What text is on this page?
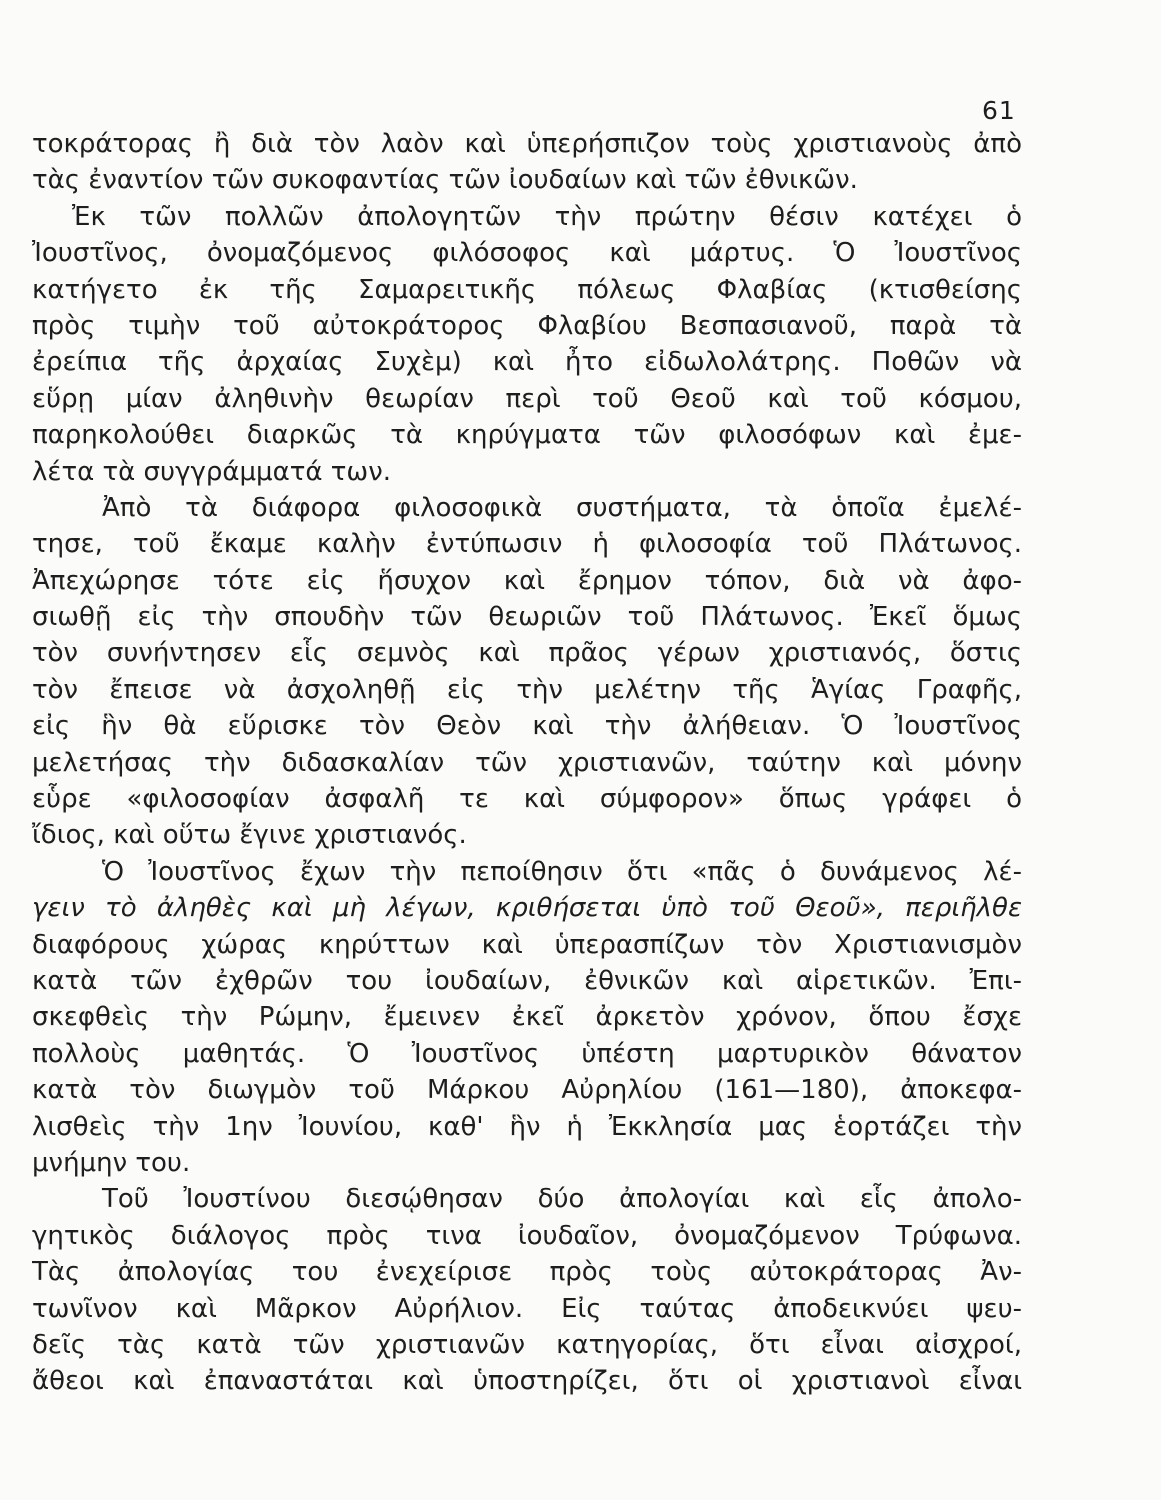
61
τοκράτορας ἢ διὰ τὸν λαὸν καὶ ὑπερήσπιζον τοὺς χριστιανοὺς ἀπὸ
τὰς ἐναντίον τῶν συκοφαντίας τῶν ἰουδαίων καὶ τῶν ἐθνικῶν.
Ἐκ τῶν πολλῶν ἀπολογητῶν τὴν πρώτην θέσιν κατέχει ὁ
Ἰουστῖνος, ὀνομαζόμενος φιλόσοφος καὶ μάρτυς. Ὁ Ἰουστῖνος
κατήγετο ἐκ τῆς Σαμαρειτικῆς πόλεως Φλαβίας (κτισθείσης
πρὸς τιμὴν τοῦ αὐτοκράτορος Φλαβίου Βεσπασιανοῦ, παρὰ τὰ
ἐρείπια τῆς ἀρχαίας Συχὲμ) καὶ ἦτο εἰδωλολάτρης. Ποθῶν νὰ
εὕρῃ μίαν ἀληθινὴν θεωρίαν περὶ τοῦ Θεοῦ καὶ τοῦ κόσμου,
παρηκολούθει διαρκῶς τὰ κηρύγματα τῶν φιλοσόφων καὶ ἐμε-
λέτα τὰ συγγράμματά των.
Ἀπὸ τὰ διάφορα φιλοσοφικὰ συστήματα, τὰ ὁποῖα ἐμελέ-
τησε, τοῦ ἔκαμε καλὴν ἐντύπωσιν ἡ φιλοσοφία τοῦ Πλάτωνος.
Ἀπεχώρησε τότε εἰς ἥσυχον καὶ ἔρημον τόπον, διὰ νὰ ἀφο-
σιωθῇ εἰς τὴν σπουδὴν τῶν θεωριῶν τοῦ Πλάτωνος. Ἐκεῖ ὅμως
τὸν συνήντησεν εἷς σεμνὸς καὶ πρᾶος γέρων χριστιανός, ὅστις
τὸν ἔπεισε νὰ ἀσχοληθῇ εἰς τὴν μελέτην τῆς Ἁγίας Γραφῆς,
εἰς ἣν θὰ εὕρισκε τὸν Θεὸν καὶ τὴν ἀλήθειαν. Ὁ Ἰουστῖνος
μελετήσας τὴν διδασκαλίαν τῶν χριστιανῶν, ταύτην καὶ μόνην
εὗρε «φιλοσοφίαν ἀσφαλῆ τε καὶ σύμφορον» ὅπως γράφει ὁ
ἴδιος, καὶ οὕτω ἔγινε χριστιανός.
Ὁ Ἰουστῖνος ἔχων τὴν πεποίθησιν ὅτι «πᾶς ὁ δυνάμενος λέ-
γειν τὸ ἀληθὲς καὶ μὴ λέγων, κριθήσεται ὑπὸ τοῦ Θεοῦ», περιῆλθε
διαφόρους χώρας κηρύττων καὶ ὑπερασπίζων τὸν Χριστιανισμὸν
κατὰ τῶν ἐχθρῶν του ἰουδαίων, ἐθνικῶν καὶ αἱρετικῶν. Ἐπι-
σκεφθεὶς τὴν Ρώμην, ἔμεινεν ἐκεῖ ἀρκετὸν χρόνον, ὅπου ἔσχε
πολλοὺς μαθητάς. Ὁ Ἰουστῖνος ὑπέστη μαρτυρικὸν θάνατον
κατὰ τὸν διωγμὸν τοῦ Μάρκου Αὐρηλίου (161—180), ἀποκεφα-
λισθεὶς τὴν 1ην Ἰουνίου, καθ' ἣν ἡ Ἐκκλησία μας ἑορτάζει τὴν
μνήμην του.
Τοῦ Ἰουστίνου διεσῴθησαν δύο ἀπολογίαι καὶ εἷς ἀπολο-
γητικὸς διάλογος πρὸς τινα ἰουδαῖον, ὀνομαζόμενον Τρύφωνα.
Τὰς ἀπολογίας του ἐνεχείρισε πρὸς τοὺς αὐτοκράτορας Ἀν-
τωνῖνον καὶ Μᾶρκον Αὐρήλιον. Εἰς ταύτας ἀποδεικνύει ψευ-
δεῖς τὰς κατὰ τῶν χριστιανῶν κατηγορίας, ὅτι εἶναι αἰσχροί,
ἄθεοι καὶ ἐπαναστάται καὶ ὑποστηρίζει, ὅτι οἱ χριστιανοὶ εἶναι
